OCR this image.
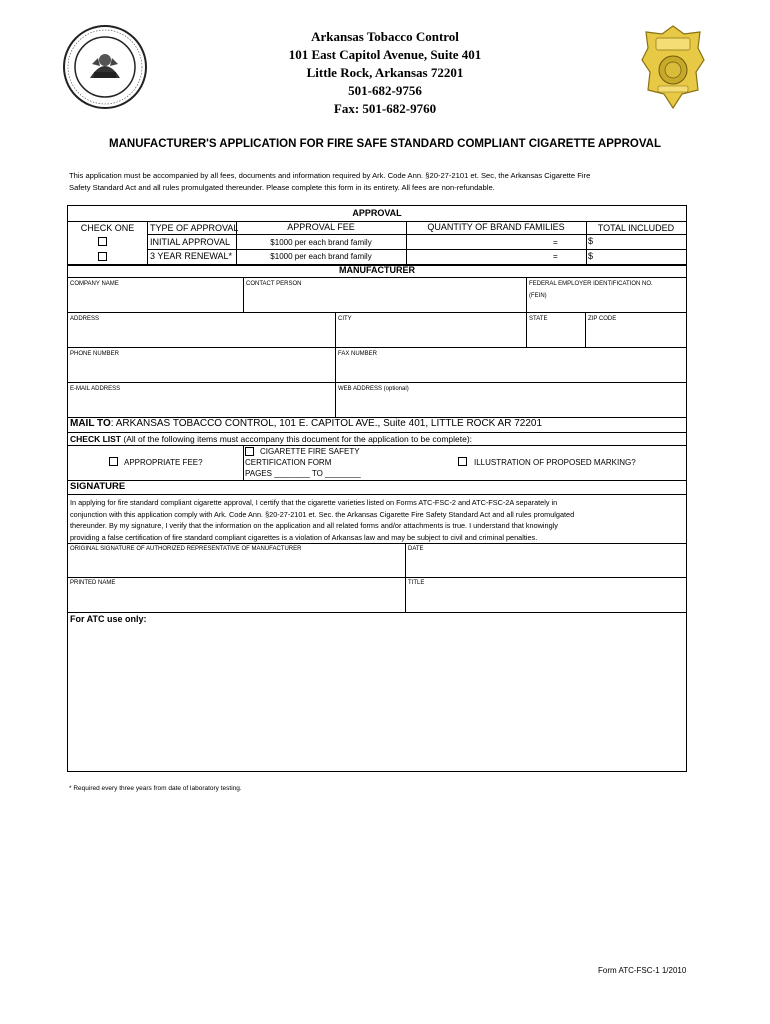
Arkansas Tobacco Control
101 East Capitol Avenue, Suite 401
Little Rock, Arkansas 72201
501-682-9756
Fax: 501-682-9760
MANUFACTURER'S APPLICATION FOR FIRE SAFE STANDARD COMPLIANT CIGARETTE APPROVAL
This application must be accompanied by all fees, documents and information required by Ark. Code Ann. §20-27-2101 et. Sec, the Arkansas Cigarette Fire
Safety Standard Act and all rules promulgated thereunder. Please complete this form in its entirety. All fees are non-refundable.
APPROVAL
CHECK ONE	TYPE OF APPROVAL	APPROVAL FEE	QUANTITY OF BRAND FAMILIES	TOTAL INCLUDED
INITIAL APPROVAL	$1000 per each brand family	=	$
3 YEAR RENEWAL*	$1000 per each brand family	=	$
MANUFACTURER
COMPANY NAME	CONTACT PERSON	FEDERAL EMPLOYER IDENTIFICATION NO.
(FEIN)
ADDRESS	CITY	STATE	ZIP CODE
PHONE NUMBER	FAX NUMBER
E-MAIL ADDRESS	WEB ADDRESS (optional)
MAIL TO: ARKANSAS TOBACCO CONTROL, 101 E. CAPITOL AVE., Suite 401, LITTLE ROCK AR 72201
CHECK LIST (All of the following items must accompany this document for the application to be complete):
APPROPRIATE FEE?
CIGARETTE FIRE SAFETY
CERTIFICATION FORM
PAGES ________ TO ________
ILLUSTRATION OF PROPOSED MARKING?
SIGNATURE
In applying for fire standard compliant cigarette approval, I certify that the cigarette varieties listed on Forms ATC-FSC-2 and ATC-FSC-2A separately in
conjunction with this application comply with Ark. Code Ann. §20-27-2101 et. Sec. the Arkansas Cigarette Fire Safety Standard Act and all rules promulgated
thereunder. By my signature, I verify that the information on the application and all related forms and/or attachments is true. I understand that knowingly
providing a false certification of fire standard compliant cigarettes is a violation of Arkansas law and may be subject to civil and criminal penalties.
ORIGINAL SIGNATURE OF AUTHORIZED REPRESENTATIVE OF MANUFACTURER	DATE
PRINTED NAME	TITLE
For ATC use only:
* Required every three years from date of laboratory testing.
Form ATC-FSC-1 1/2010
